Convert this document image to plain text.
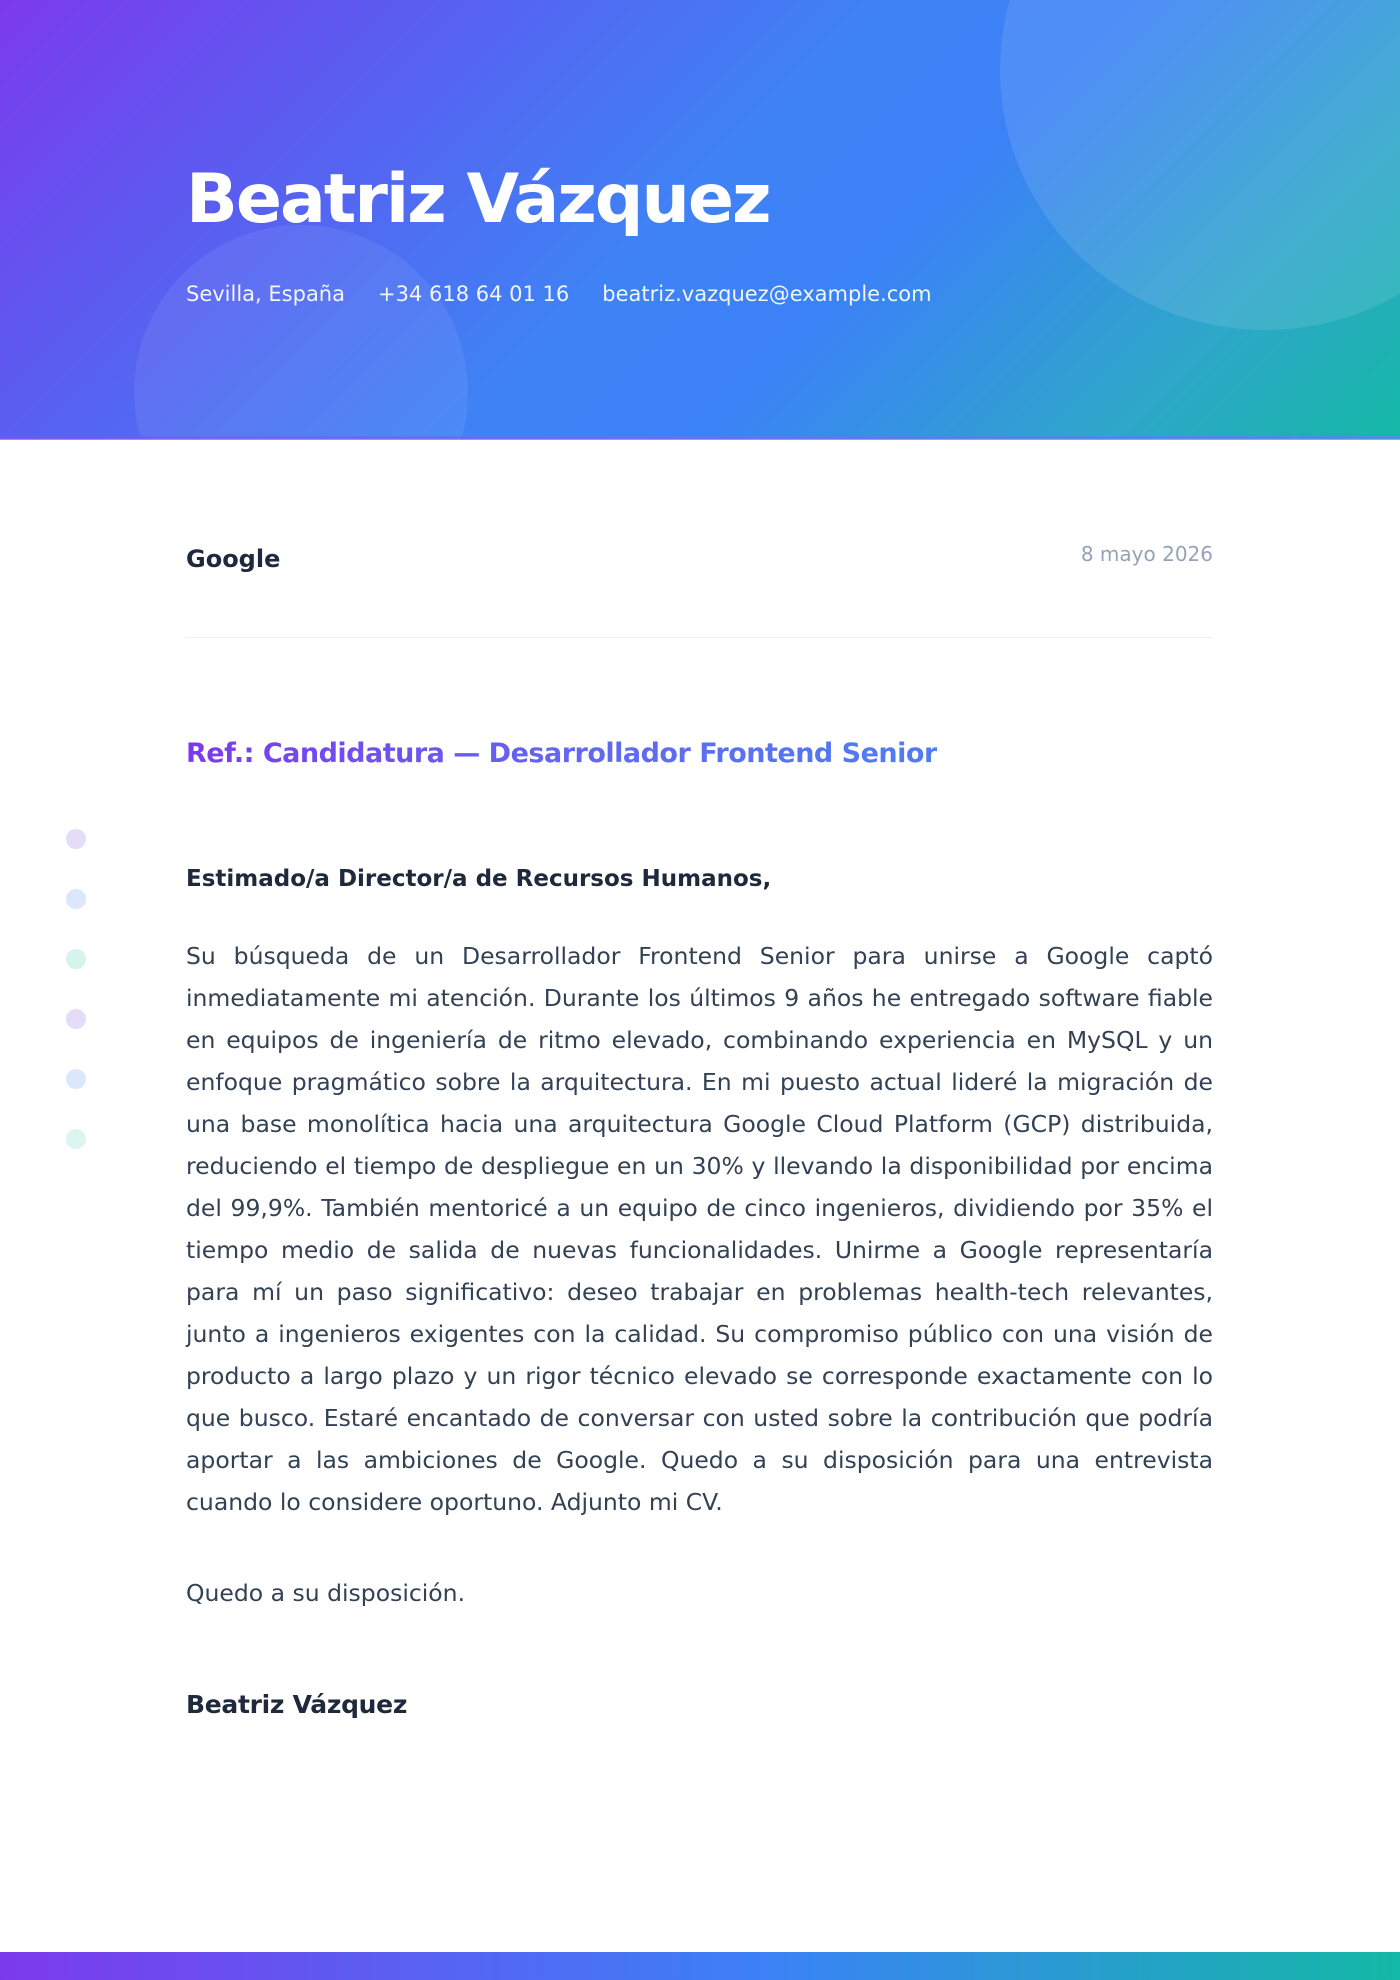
Beatriz Vázquez
Sevilla, España +34 618 64 01 16 beatriz.vazquez@example.com
Google	8 mayo 2026
Ref.: Candidatura — Desarrollador Frontend Senior
Estimado/a Director/a de Recursos Humanos,

Su búsqueda de un Desarrollador Frontend Senior para unirse a Google captó inmediatamente mi atención. Durante los últimos 9 años he entregado software fiable en equipos de ingeniería de ritmo elevado, combinando experiencia en MySQL y un enfoque pragmático sobre la arquitectura. En mi puesto actual lideré la migración de una base monolítica hacia una arquitectura Google Cloud Platform (GCP) distribuida, reduciendo el tiempo de despliegue en un 30% y llevando la disponibilidad por encima del 99,9%. También mentoricé a un equipo de cinco ingenieros, dividiendo por 35% el tiempo medio de salida de nuevas funcionalidades. Unirme a Google representaría para mí un paso significativo: deseo trabajar en problemas health-tech relevantes, junto a ingenieros exigentes con la calidad. Su compromiso público con una visión de producto a largo plazo y un rigor técnico elevado se corresponde exactamente con lo que busco. Estaré encantado de conversar con usted sobre la contribución que podría aportar a las ambiciones de Google. Quedo a su disposición para una entrevista cuando lo considere oportuno. Adjunto mi CV.

Quedo a su disposición.
Beatriz Vázquez
